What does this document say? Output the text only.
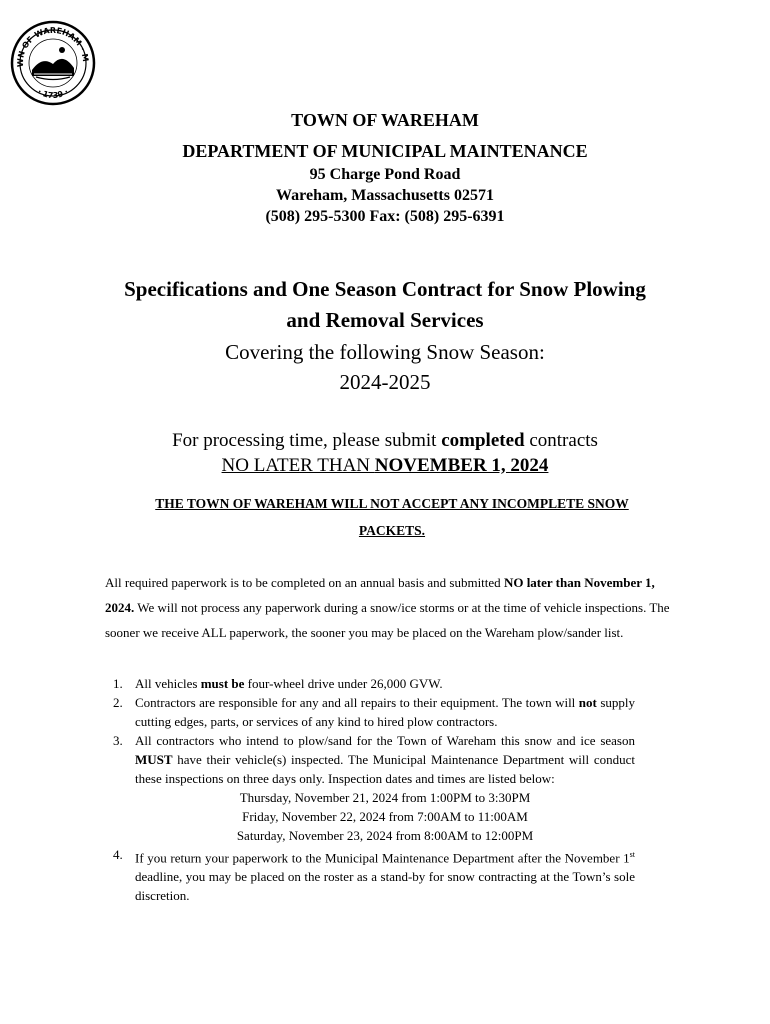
WN OF WAREHAM · M
· 1739 ·
TOWN OF WAREHAM
DEPARTMENT OF MUNICIPAL MAINTENANCE
95 Charge Pond Road
Wareham, Massachusetts 02571
(508) 295-5300 Fax: (508) 295-6391
Specifications and One Season Contract for Snow Plowing
and Removal Services
Covering the following Snow Season:
2024-2025
For processing time, please submit completed contracts
NO LATER THAN NOVEMBER 1, 2024
THE TOWN OF WAREHAM WILL NOT ACCEPT ANY INCOMPLETE SNOW
PACKETS.
All required paperwork is to be completed on an annual basis and submitted NO later than November 1, 2024. We will not process any paperwork during a snow/ice storms or at the time of vehicle inspections. The sooner we receive ALL paperwork, the sooner you may be placed on the Wareham plow/sander list.
1. All vehicles must be four-wheel drive under 26,000 GVW.
2. Contractors are responsible for any and all repairs to their equipment. The town will not supply cutting edges, parts, or services of any kind to hired plow contractors.
3. All contractors who intend to plow/sand for the Town of Wareham this snow and ice season MUST have their vehicle(s) inspected. The Municipal Maintenance Department will conduct these inspections on three days only. Inspection dates and times are listed below:
Thursday, November 21, 2024 from 1:00PM to 3:30PM
Friday, November 22, 2024 from 7:00AM to 11:00AM
Saturday, November 23, 2024 from 8:00AM to 12:00PM
4. If you return your paperwork to the Municipal Maintenance Department after the November 1st deadline, you may be placed on the roster as a stand-by for snow contracting at the Town’s sole discretion.
